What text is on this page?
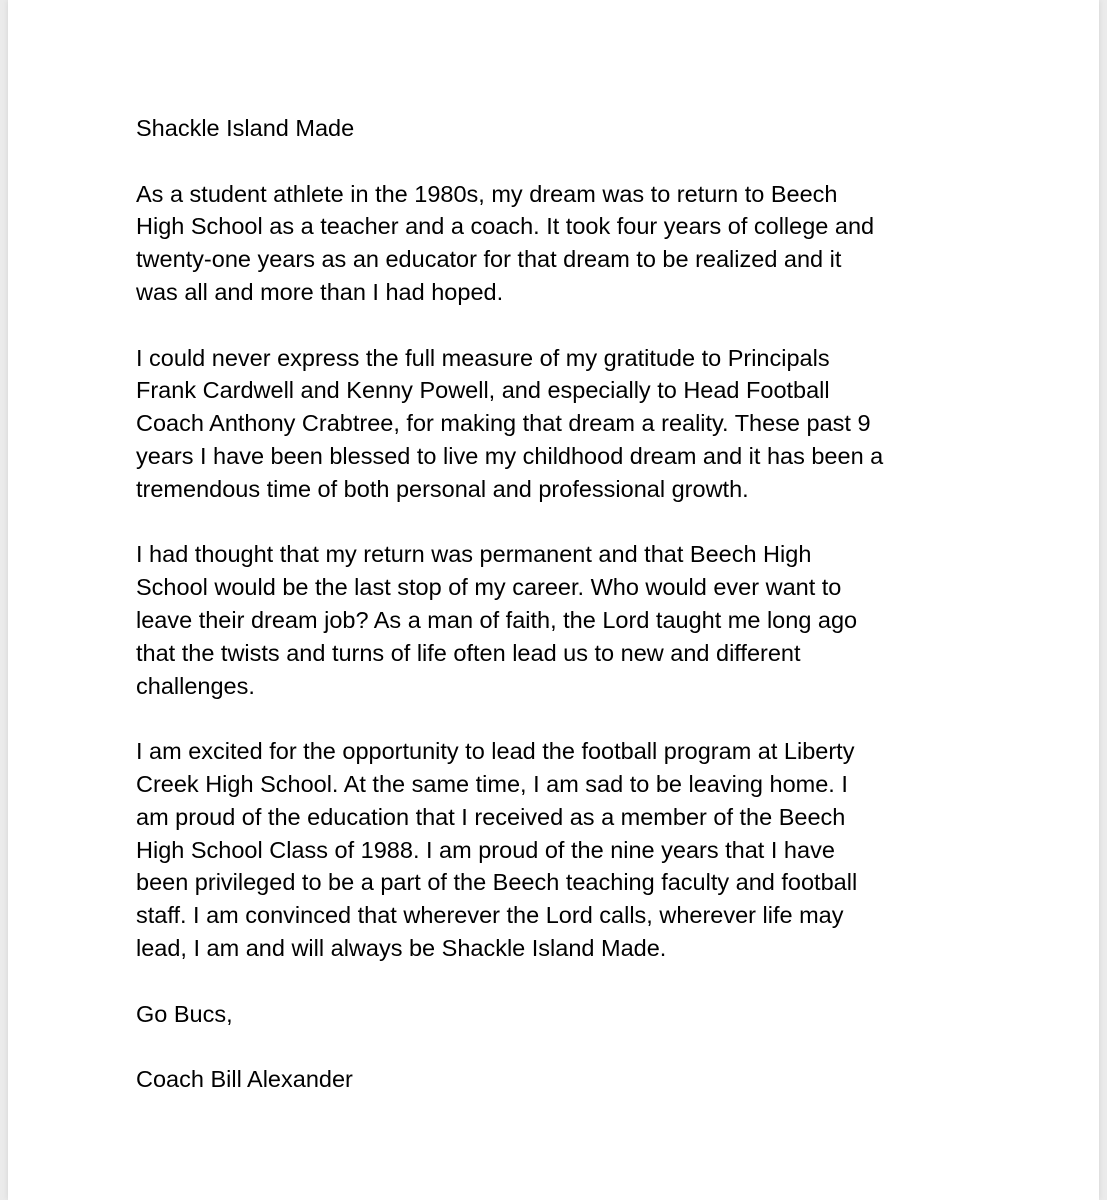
Shackle Island Made
As a student athlete in the 1980s, my dream was to return to Beech
High School as a teacher and a coach. It took four years of college and
twenty-one years as an educator for that dream to be realized and it
was all and more than I had hoped.
I could never express the full measure of my gratitude to Principals
Frank Cardwell and Kenny Powell, and especially to Head Football
Coach Anthony Crabtree, for making that dream a reality. These past 9
years I have been blessed to live my childhood dream and it has been a
tremendous time of both personal and professional growth.
I had thought that my return was permanent and that Beech High
School would be the last stop of my career. Who would ever want to
leave their dream job? As a man of faith, the Lord taught me long ago
that the twists and turns of life often lead us to new and different
challenges.
I am excited for the opportunity to lead the football program at Liberty
Creek High School. At the same time, I am sad to be leaving home. I
am proud of the education that I received as a member of the Beech
High School Class of 1988. I am proud of the nine years that I have
been privileged to be a part of the Beech teaching faculty and football
staff. I am convinced that wherever the Lord calls, wherever life may
lead, I am and will always be Shackle Island Made.
Go Bucs,
Coach Bill Alexander
